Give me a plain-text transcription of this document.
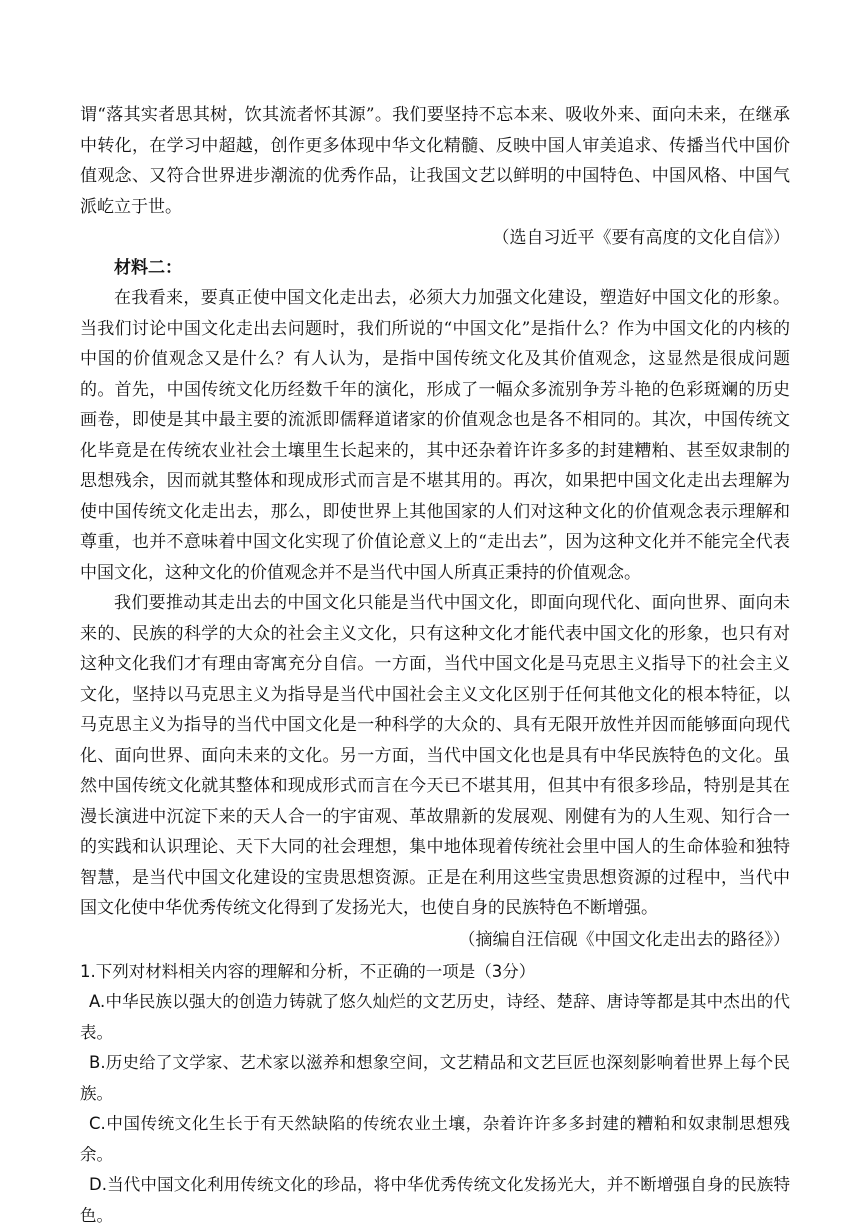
谓“落其实者思其树，饮其流者怀其源”。我们要坚持不忘本来、吸收外来、面向未来，在继承中转化，在学习中超越，创作更多体现中华文化精髓、反映中国人审美追求、传播当代中国价值观念、又符合世界进步潮流的优秀作品，让我国文艺以鲜明的中国特色、中国风格、中国气派屹立于世。

（选自习近平《要有高度的文化自信》）

材料二：

在我看来，要真正使中国文化走出去，必须大力加强文化建设，塑造好中国文化的形象。当我们讨论中国文化走出去问题时，我们所说的“中国文化”是指什么？作为中国文化的内核的中国的价值观念又是什么？有人认为，是指中国传统文化及其价值观念，这显然是很成问题的。首先，中国传统文化历经数千年的演化，形成了一幅众多流别争芳斗艳的色彩斑斓的历史画卷，即使是其中最主要的流派即儒释道诸家的价值观念也是各不相同的。其次，中国传统文化毕竟是在传统农业社会土壤里生长起来的，其中还杂着许许多多的封建糟粕、甚至奴隶制的思想残余，因而就其整体和现成形式而言是不堪其用的。再次，如果把中国文化走出去理解为使中国传统文化走出去，那么，即使世界上其他国家的人们对这种文化的价值观念表示理解和尊重，也并不意味着中国文化实现了价值论意义上的“走出去”，因为这种文化并不能完全代表中国文化，这种文化的价值观念并不是当代中国人所真正秉持的价值观念。

我们要推动其走出去的中国文化只能是当代中国文化，即面向现代化、面向世界、面向未来的、民族的科学的大众的社会主义文化，只有这种文化才能代表中国文化的形象，也只有对这种文化我们才有理由寄寓充分自信。一方面，当代中国文化是马克思主义指导下的社会主义文化，坚持以马克思主义为指导是当代中国社会主义文化区别于任何其他文化的根本特征，以马克思主义为指导的当代中国文化是一种科学的大众的、具有无限开放性并因而能够面向现代化、面向世界、面向未来的文化。另一方面，当代中国文化也是具有中华民族特色的文化。虽然中国传统文化就其整体和现成形式而言在今天已不堪其用，但其中有很多珍品，特别是其在漫长演进中沉淀下来的天人合一的宇宙观、革故鼎新的发展观、刚健有为的人生观、知行合一的实践和认识理论、天下大同的社会理想，集中地体现着传统社会里中国人的生命体验和独特智慧，是当代中国文化建设的宝贵思想资源。正是在利用这些宝贵思想资源的过程中，当代中国文化使中华优秀传统文化得到了发扬光大，也使自身的民族特色不断增强。

（摘编自汪信砚《中国文化走出去的路径》）

1.下列对材料相关内容的理解和分析，不正确的一项是（3分）

A.中华民族以强大的创造力铸就了悠久灿烂的文艺历史，诗经、楚辞、唐诗等都是其中杰出的代表。

B.历史给了文学家、艺术家以滋养和想象空间，文艺精品和文艺巨匠也深刻影响着世界上每个民族。

C.中国传统文化生长于有天然缺陷的传统农业土壤，杂着许许多多封建的糟粕和奴隶制思想残余。

D.当代中国文化利用传统文化的珍品，将中华优秀传统文化发扬光大，并不断增强自身的民族特色。
